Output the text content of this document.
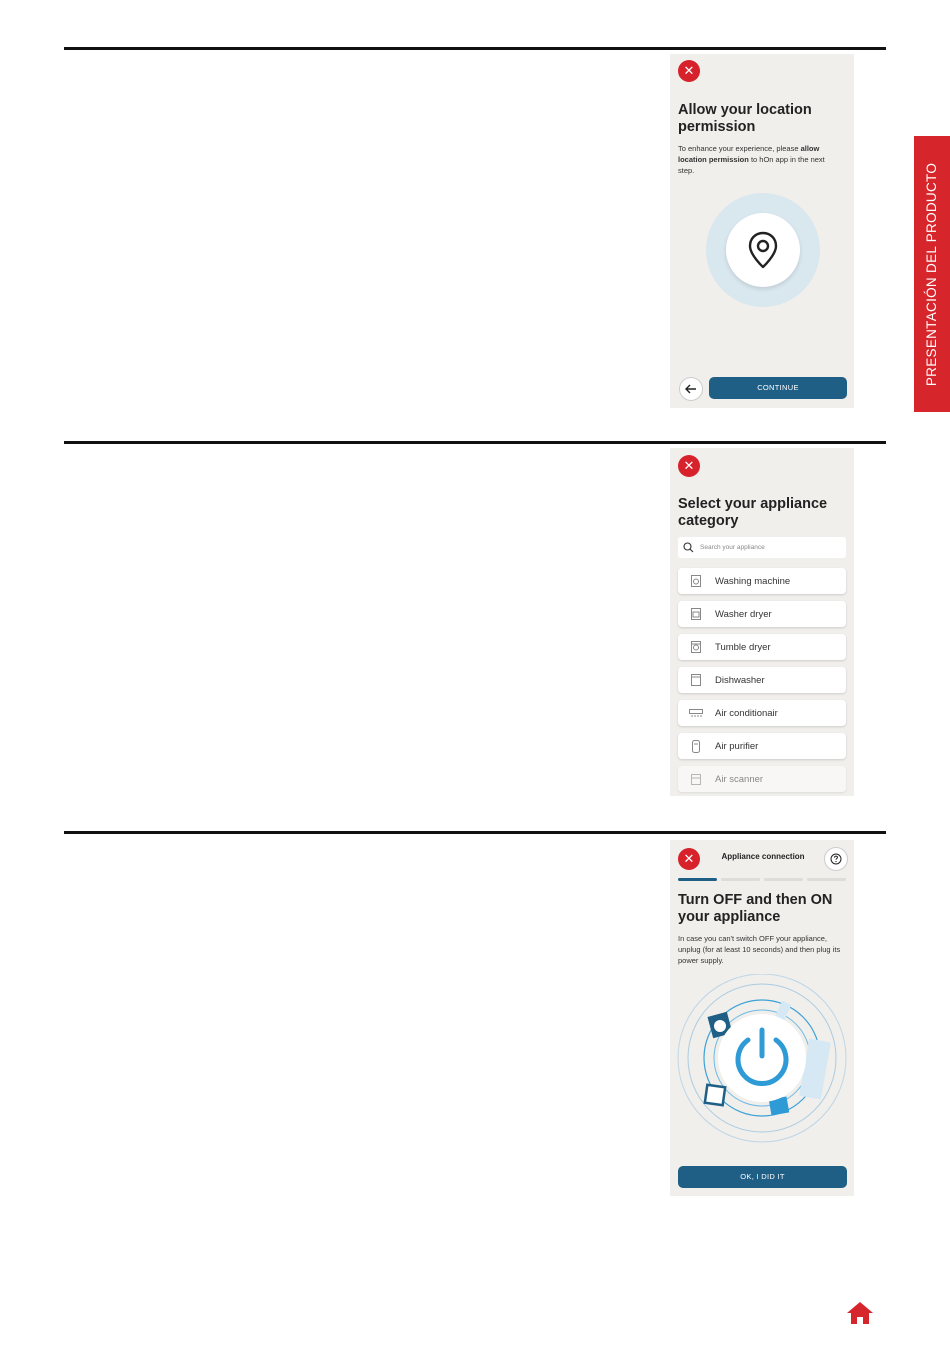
PRESENTACIÓN DEL PRODUCTO
✕
Allow your location permission
To enhance your experience, please allow location permission to hOn app in the next step.
CONTINUE
✕
Select your appliance category
Search your appliance
Washing machine
Washer dryer
Tumble dryer
Dishwasher
Air conditionair
Air purifier
Air scanner
✕	Appliance connection
Turn OFF and then ON your appliance
In case you can't switch OFF your appliance, unplug (for at least 10 seconds) and then plug its power supply.
OK, I DID IT
